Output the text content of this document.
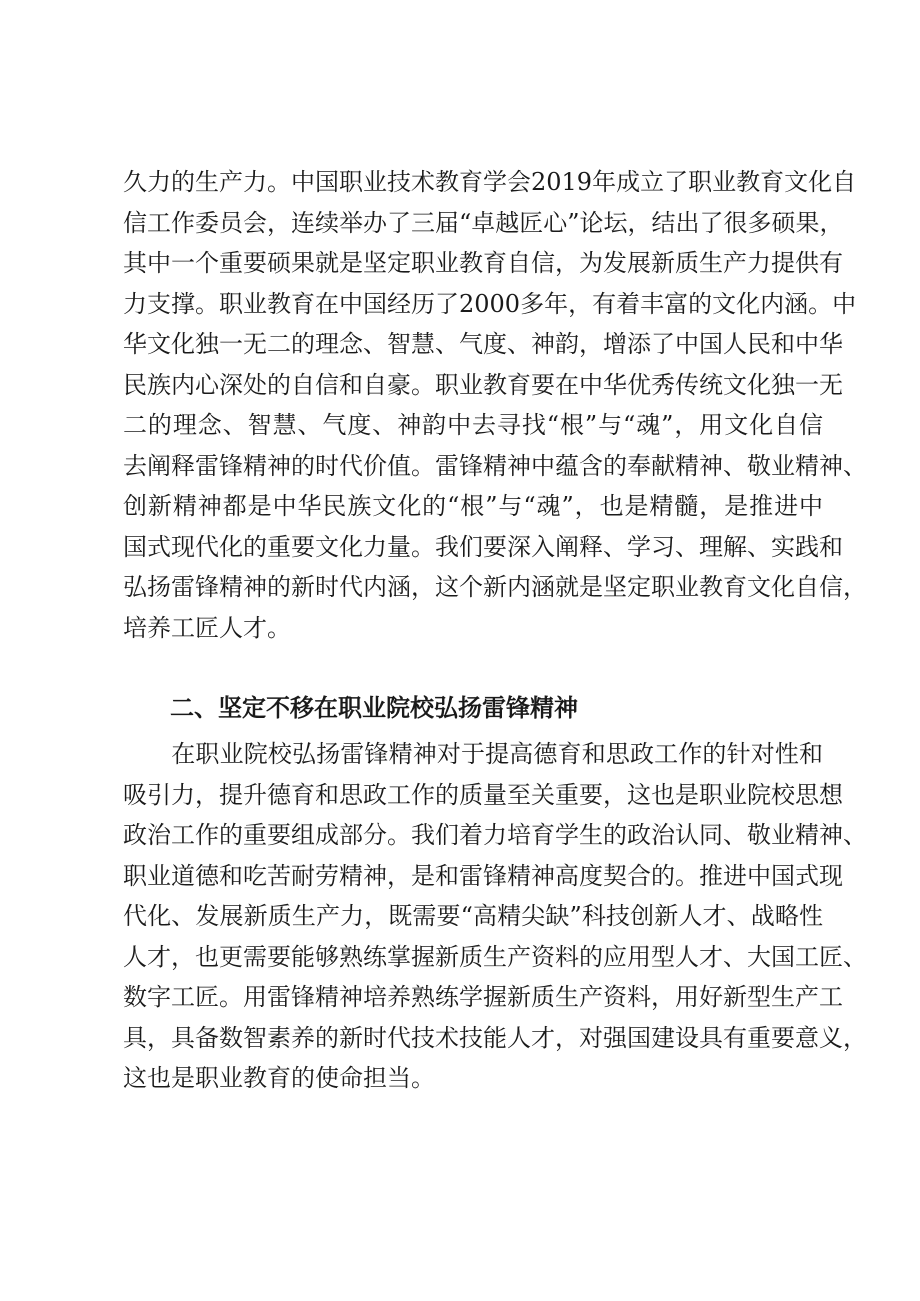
久力的生产力。中国职业技术教育学会2019年成立了职业教育文化自
信工作委员会，连续举办了三届“卓越匠心”论坛，结出了很多硕果，
其中一个重要硕果就是坚定职业教育自信，为发展新质生产力提供有
力支撑。职业教育在中国经历了2000多年，有着丰富的文化内涵。中
华文化独一无二的理念、智慧、气度、神韵，增添了中国人民和中华
民族内心深处的自信和自豪。职业教育要在中华优秀传统文化独一无
二的理念、智慧、气度、神韵中去寻找“根”与“魂”，用文化自信
去阐释雷锋精神的时代价值。雷锋精神中蕴含的奉献精神、敬业精神、
创新精神都是中华民族文化的“根”与“魂”，也是精髓，是推进中
国式现代化的重要文化力量。我们要深入阐释、学习、理解、实践和
弘扬雷锋精神的新时代内涵，这个新内涵就是坚定职业教育文化自信，
培养工匠人才。
二、坚定不移在职业院校弘扬雷锋精神
　　在职业院校弘扬雷锋精神对于提高德育和思政工作的针对性和
吸引力，提升德育和思政工作的质量至关重要，这也是职业院校思想
政治工作的重要组成部分。我们着力培育学生的政治认同、敬业精神、
职业道德和吃苦耐劳精神，是和雷锋精神高度契合的。推进中国式现
代化、发展新质生产力，既需要“高精尖缺”科技创新人才、战略性
人才，也更需要能够熟练掌握新质生产资料的应用型人才、大国工匠、
数字工匠。用雷锋精神培养熟练学握新质生产资料，用好新型生产工
具，具备数智素养的新时代技术技能人才，对强国建设具有重要意义，
这也是职业教育的使命担当。
